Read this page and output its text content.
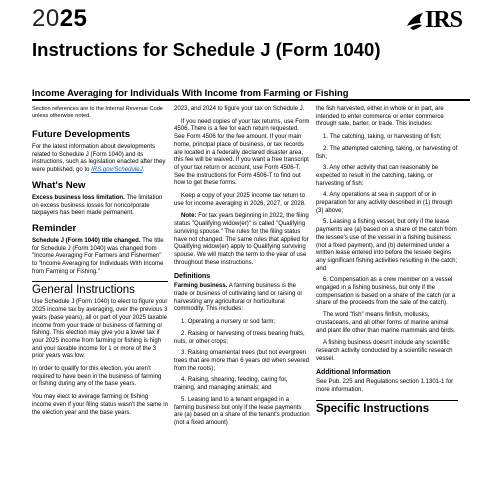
2025	IRS
Instructions for Schedule J (Form 1040)
Income Averaging for Individuals With Income from Farming or Fishing

Section references are to the Internal Revenue Code unless otherwise noted.

Future Developments

For the latest information about developments related to Schedule J (Form 1040) and its instructions, such as legislation enacted after they were published, go to IRS.gov/ScheduleJ.

What's New

Excess business loss limitation. The limitation on excess business losses for noncorporate taxpayers has been made permanent.

Reminder

Schedule J (Form 1040) title changed. The title for Schedule J (Form 1040) was changed from "Income Averaging For Farmers and Fishermen" to "Income Averaging for Individuals With Income from Farming or Fishing."

General Instructions

Use Schedule J (Form 1040) to elect to figure your 2025 income tax by averaging, over the previous 3 years (base years), all or part of your 2025 taxable income from your trade or business of farming or fishing. This election may give you a lower tax if your 2025 income from farming or fishing is high and your taxable income for 1 or more of the 3 prior years was low.

In order to qualify for this election, you aren't required to have been in the business of farming or fishing during any of the base years.

You may elect to average farming or fishing income even if your filing status wasn't the same in the election year and the base years.

2023, and 2024 to figure your tax on Schedule J.

If you need copies of your tax returns, use Form 4506. There is a fee for each return requested. See Form 4506 for the fee amount. If your main home, principal place of business, or tax records are located in a federally declared disaster area, this fee will be waived. If you want a free transcript of your tax return or account, use Form 4506-T. See the instructions for Form 4506-T to find out how to get these forms.

Keep a copy of your 2025 income tax return to use for income averaging in 2026, 2027, or 2028.

Note: For tax years beginning in 2022, the filing status "Qualifying widow(er)" is called "Qualifying surviving spouse." The rules for the filing status have not changed. The same rules that applied for Qualifying widow(er) apply to Qualifying surviving spouse. We will match the term to the year of use throughout these instructions.

Definitions

Farming business. A farming business is the trade or business of cultivating land or raising or harvesting any agricultural or horticultural commodity. This includes:

1. Operating a nursery or sod farm;

2. Raising or harvesting of trees bearing fruits, nuts, or other crops;

3. Raising ornamental trees (but not evergreen trees that are more than 6 years old when severed from the roots);

4. Raising, shearing, feeding, caring for, training, and managing animals; and

5. Leasing land to a tenant engaged in a farming business but only if the lease payments are (a) based on a share of the tenant's production (not a fixed amount)

the fish harvested, either in whole or in part, are intended to enter commerce or enter commerce through sale, barter, or trade. This includes:

1. The catching, taking, or harvesting of fish;

2. The attempted catching, taking, or harvesting of fish;

3. Any other activity that can reasonably be expected to result in the catching, taking, or harvesting of fish;

4. Any operations at sea in support of or in preparation for any activity described in (1) through (3) above;

5. Leasing a fishing vessel, but only if the lease payments are (a) based on a share of the catch from the lessee's use of the vessel in a fishing business (not a fixed payment), and (b) determined under a written lease entered into before the lessee begins any significant fishing activities resulting in the catch; and

6. Compensation as a crew member on a vessel engaged in a fishing business, but only if the compensation is based on a share of the catch (or a share of the proceeds from the sale of the catch).

The word "fish" means finfish, mollusks, crustaceans, and all other forms of marine animal and plant life other than marine mammals and birds.

A fishing business doesn't include any scientific research activity conducted by a scientific research vessel.

Additional Information

See Pub. 225 and Regulations section 1.1301-1 for more information.

Specific Instructions
